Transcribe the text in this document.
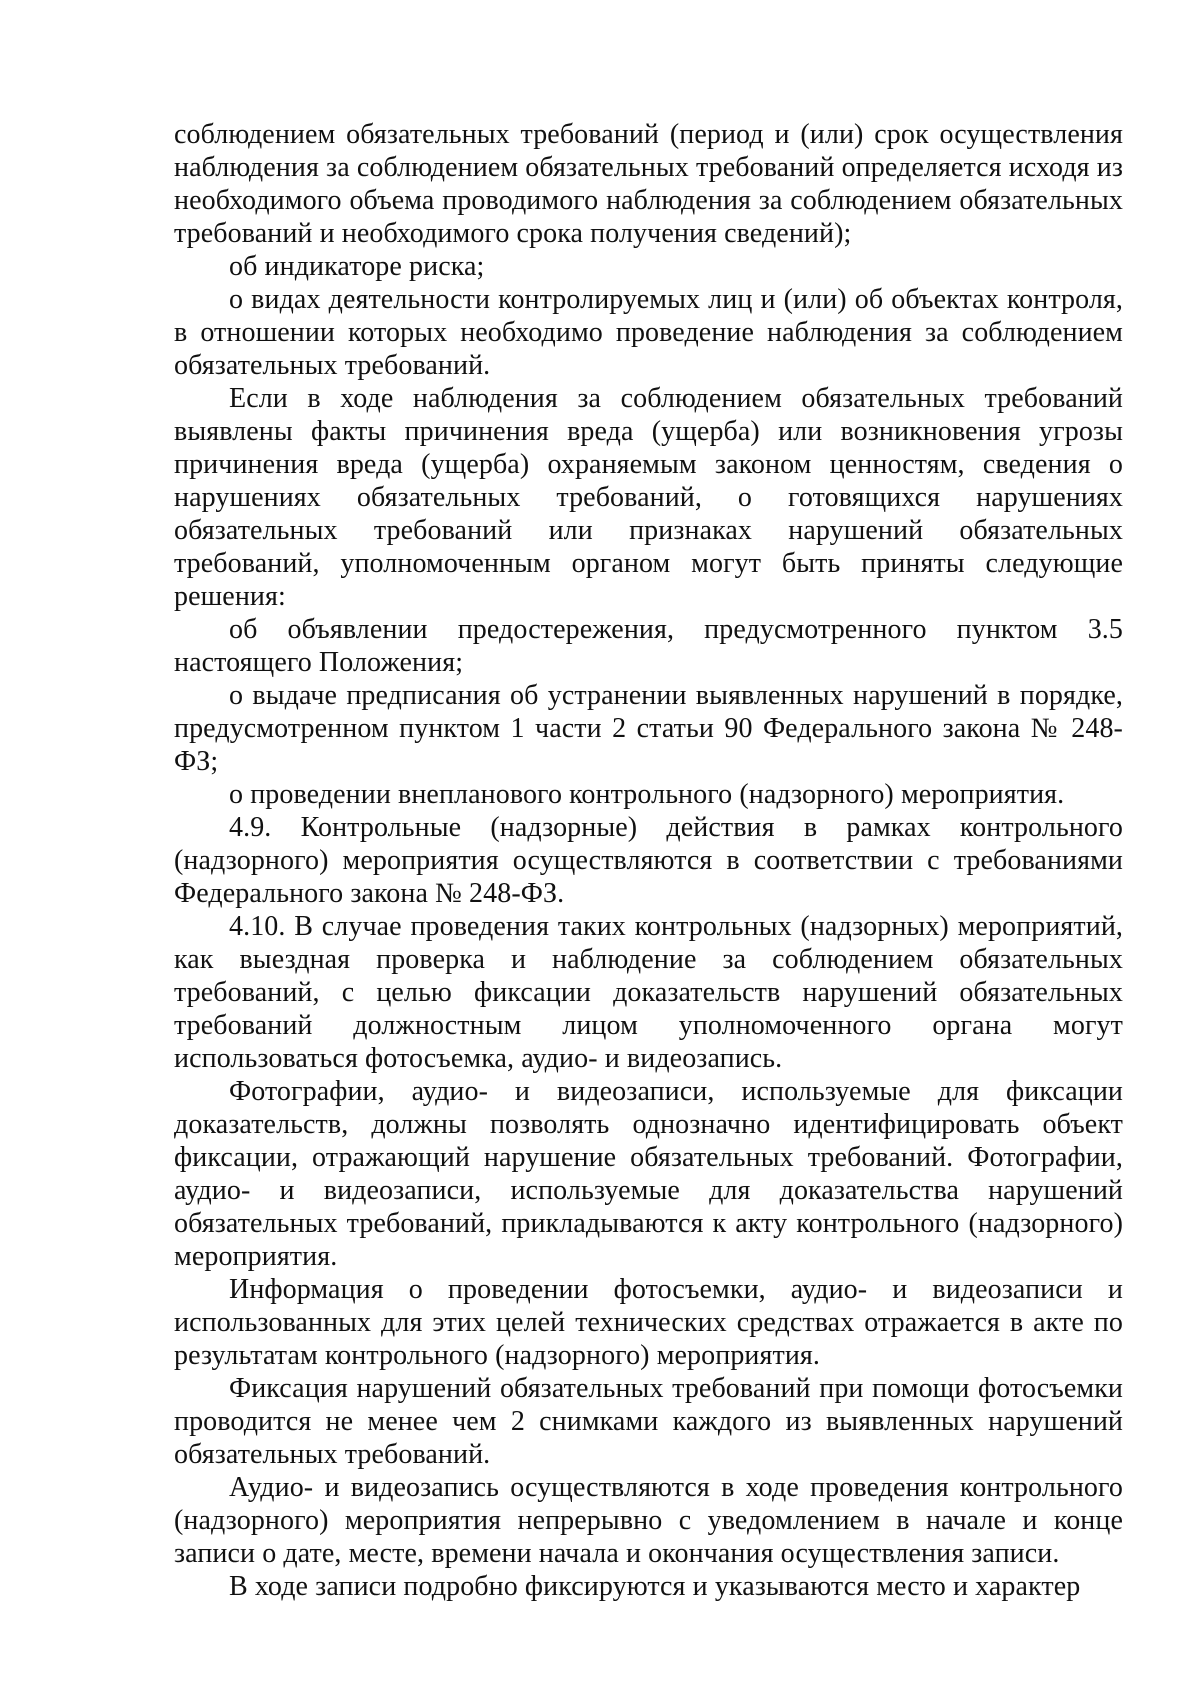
соблюдением обязательных требований (период и (или) срок осуществления наблюдения за соблюдением обязательных требований определяется исходя из необходимого объема проводимого наблюдения за соблюдением обязательных требований и необходимого срока получения сведений);

об индикаторе риска;

о видах деятельности контролируемых лиц и (или) об объектах контроля, в отношении которых необходимо проведение наблюдения за соблюдением обязательных требований.

Если в ходе наблюдения за соблюдением обязательных требований выявлены факты причинения вреда (ущерба) или возникновения угрозы причинения вреда (ущерба) охраняемым законом ценностям, сведения о нарушениях обязательных требований, о готовящихся нарушениях обязательных требований или признаках нарушений обязательных требований, уполномоченным органом могут быть приняты следующие решения:

об объявлении предостережения, предусмотренного пунктом 3.5 настоящего Положения;

о выдаче предписания об устранении выявленных нарушений в порядке, предусмотренном пунктом 1 части 2 статьи 90 Федерального закона № 248-ФЗ;

о проведении внепланового контрольного (надзорного) мероприятия.

4.9. Контрольные (надзорные) действия в рамках контрольного (надзорного) мероприятия осуществляются в соответствии с требованиями Федерального закона № 248-ФЗ.

4.10. В случае проведения таких контрольных (надзорных) мероприятий, как выездная проверка и наблюдение за соблюдением обязательных требований, с целью фиксации доказательств нарушений обязательных требований должностным лицом уполномоченного органа могут использоваться фотосъемка, аудио- и видеозапись.

Фотографии, аудио- и видеозаписи, используемые для фиксации доказательств, должны позволять однозначно идентифицировать объект фиксации, отражающий нарушение обязательных требований. Фотографии, аудио- и видеозаписи, используемые для доказательства нарушений обязательных требований, прикладываются к акту контрольного (надзорного) мероприятия.

Информация о проведении фотосъемки, аудио- и видеозаписи и использованных для этих целей технических средствах отражается в акте по результатам контрольного (надзорного) мероприятия.

Фиксация нарушений обязательных требований при помощи фотосъемки проводится не менее чем 2 снимками каждого из выявленных нарушений обязательных требований.

Аудио- и видеозапись осуществляются в ходе проведения контрольного (надзорного) мероприятия непрерывно с уведомлением в начале и конце записи о дате, месте, времени начала и окончания осуществления записи.

В ходе записи подробно фиксируются и указываются место и характер
